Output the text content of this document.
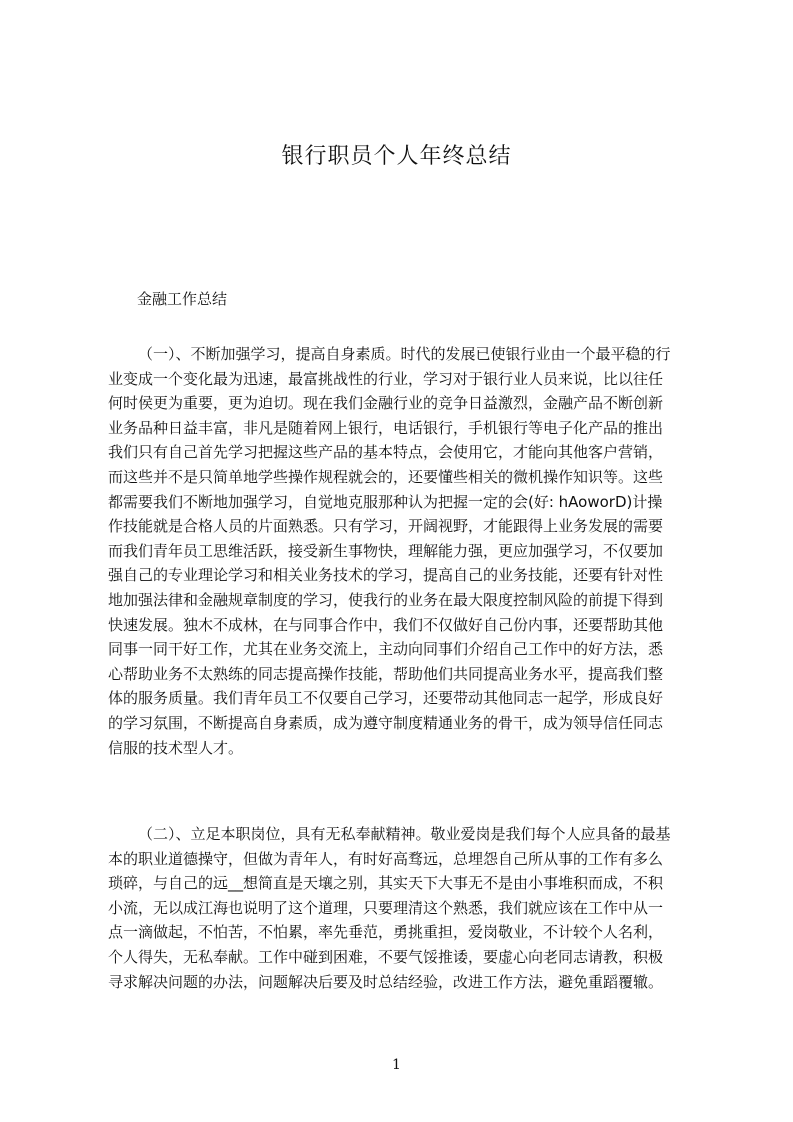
银行职员个人年终总结
金融工作总结
（一）、不断加强学习，提高自身素质。时代的发展已使银行业由一个最平稳的行
业变成一个变化最为迅速，最富挑战性的行业，学习对于银行业人员来说，比以往任
何时侯更为重要，更为迫切。现在我们金融行业的竞争日益激烈，金融产品不断创新
业务品种日益丰富，非凡是随着网上银行，电话银行，手机银行等电子化产品的推出
我们只有自己首先学习把握这些产品的基本特点，会使用它，才能向其他客户营销，
而这些并不是只简单地学些操作规程就会的，还要懂些相关的微机操作知识等。这些
都需要我们不断地加强学习，自觉地克服那种认为把握一定的会(好: hAoworD)计操
作技能就是合格人员的片面熟悉。只有学习，开阔视野，才能跟得上业务发展的需要
而我们青年员工思维活跃，接受新生事物快，理解能力强，更应加强学习，不仅要加
强自己的专业理论学习和相关业务技术的学习，提高自己的业务技能，还要有针对性
地加强法律和金融规章制度的学习，使我行的业务在最大限度控制风险的前提下得到
快速发展。独木不成林，在与同事合作中，我们不仅做好自己份内事，还要帮助其他
同事一同干好工作，尤其在业务交流上，主动向同事们介绍自己工作中的好方法，悉
心帮助业务不太熟练的同志提高操作技能，帮助他们共同提高业务水平，提高我们整
体的服务质量。我们青年员工不仅要自己学习，还要带动其他同志一起学，形成良好
的学习氛围，不断提高自身素质，成为遵守制度精通业务的骨干，成为领导信任同志
信服的技术型人才。
（二）、立足本职岗位，具有无私奉献精神。敬业爱岗是我们每个人应具备的最基
本的职业道德操守，但做为青年人，有时好高骛远，总埋怨自己所从事的工作有多么
琐碎，与自己的远__想简直是天壤之别，其实天下大事无不是由小事堆积而成，不积
小流，无以成江海也说明了这个道理，只要理清这个熟悉，我们就应该在工作中从一
点一滴做起，不怕苦，不怕累，率先垂范，勇挑重担，爱岗敬业，不计较个人名利，
个人得失，无私奉献。工作中碰到困难，不要气馁推诿，要虚心向老同志请教，积极
寻求解决问题的办法，问题解决后要及时总结经验，改进工作方法，避免重蹈覆辙。
1
